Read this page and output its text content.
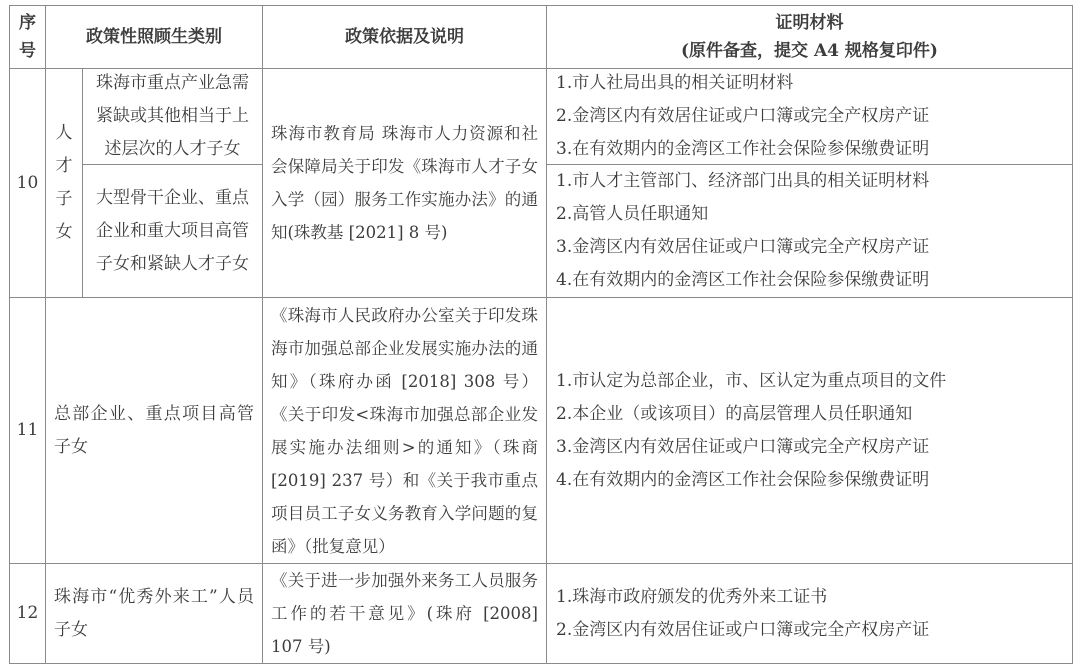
序号
政策性照顾生类别	政策依据及说明
证明材料
(原件备查，提交 A4 规格复印件)
10
人才子女
珠海市重点产业急需紧缺或其他相当于上述层次的人才子女
珠海市教育局 珠海市人力资源和社会保障局关于印发《珠海市人才子女入学（园）服务工作实施办法》的通知(珠教基 [2021] 8 号)
1.市人社局出具的相关证明材料
2.金湾区内有效居住证或户口簿或完全产权房产证
3.在有效期内的金湾区工作社会保险参保缴费证明
大型骨干企业、重点企业和重大项目高管子女和紧缺人才子女
1.市人才主管部门、经济部门出具的相关证明材料
2.高管人员任职通知
3.金湾区内有效居住证或户口簿或完全产权房产证
4.在有效期内的金湾区工作社会保险参保缴费证明
11
总部企业、重点项目高管子女
《珠海市人民政府办公室关于印发珠海市加强总部企业发展实施办法的通知》（珠府办函 [2018] 308 号）《关于印发<珠海市加强总部企业发展实施办法细则>的通知》（珠商 [2019] 237 号）和《关于我市重点项目员工子女义务教育入学问题的复函》（批复意见）
1.市认定为总部企业，市、区认定为重点项目的文件
2.本企业（或该项目）的高层管理人员任职通知
3.金湾区内有效居住证或户口簿或完全产权房产证
4.在有效期内的金湾区工作社会保险参保缴费证明
12
珠海市“优秀外来工”人员子女
《关于进一步加强外来务工人员服务工作的若干意见》(珠府 [2008] 107 号)
1.珠海市政府颁发的优秀外来工证书
2.金湾区内有效居住证或户口簿或完全产权房产证
